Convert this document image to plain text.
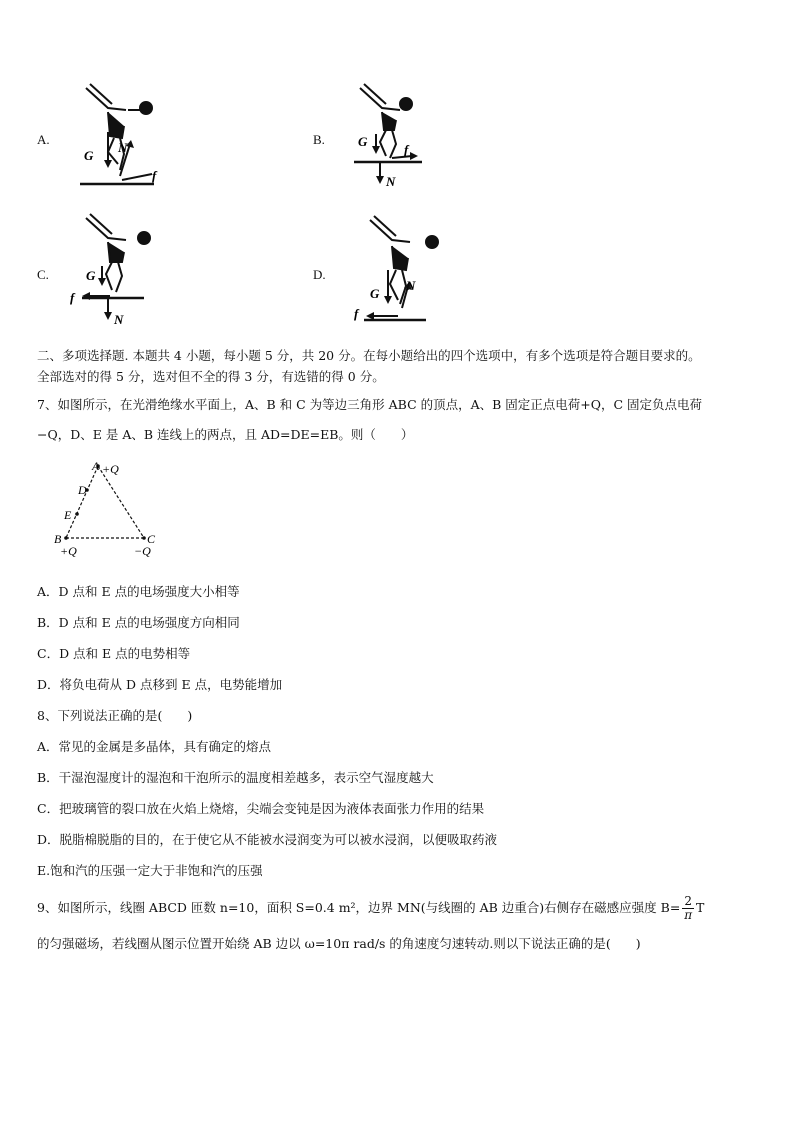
A.
G
N
f
B.	G
N
f
C.	G
N
f
D.
G
N
f
二、多项选择题. 本题共 4 小题，每小题 5 分，共 20 分。在每小题给出的四个选项中，有多个选项是符合题目要求的。
全部选对的得 5 分，选对但不全的得 3 分，有选错的得 0 分。
7、如图所示，在光滑绝缘水平面上，A、B 和 C 为等边三角形 ABC 的顶点，A、B 固定正点电荷+Q，C 固定负点电荷
−Q，D、E 是 A、B 连线上的两点，且 AD=DE=EB。则（　　）
A +Q
D
E
B
+Q
C
−Q
A．D 点和 E 点的电场强度大小相等
B．D 点和 E 点的电场强度方向相同
C．D 点和 E 点的电势相等
D．将负电荷从 D 点移到 E 点，电势能增加
8、下列说法正确的是(　　)
A．常见的金属是多晶体，具有确定的熔点
B．干湿泡湿度计的湿泡和干泡所示的温度相差越多，表示空气湿度越大
C．把玻璃管的裂口放在火焰上烧熔，尖端会变钝是因为液体表面张力作用的结果
D．脱脂棉脱脂的目的，在于使它从不能被水浸润变为可以被水浸润，以便吸取药液
E.饱和汽的压强一定大于非饱和汽的压强
9、如图所示，线圈 ABCD 匝数 n=10，面积 S=0.4 m²，边界 MN(与线圈的 AB 边重合)右侧存在磁感应强度 $B= \frac{2}{\pi}$ T
的匀强磁场，若线圈从图示位置开始绕 AB 边以 ω=10π rad/s 的角速度匀速转动.则以下说法正确的是(　　)
